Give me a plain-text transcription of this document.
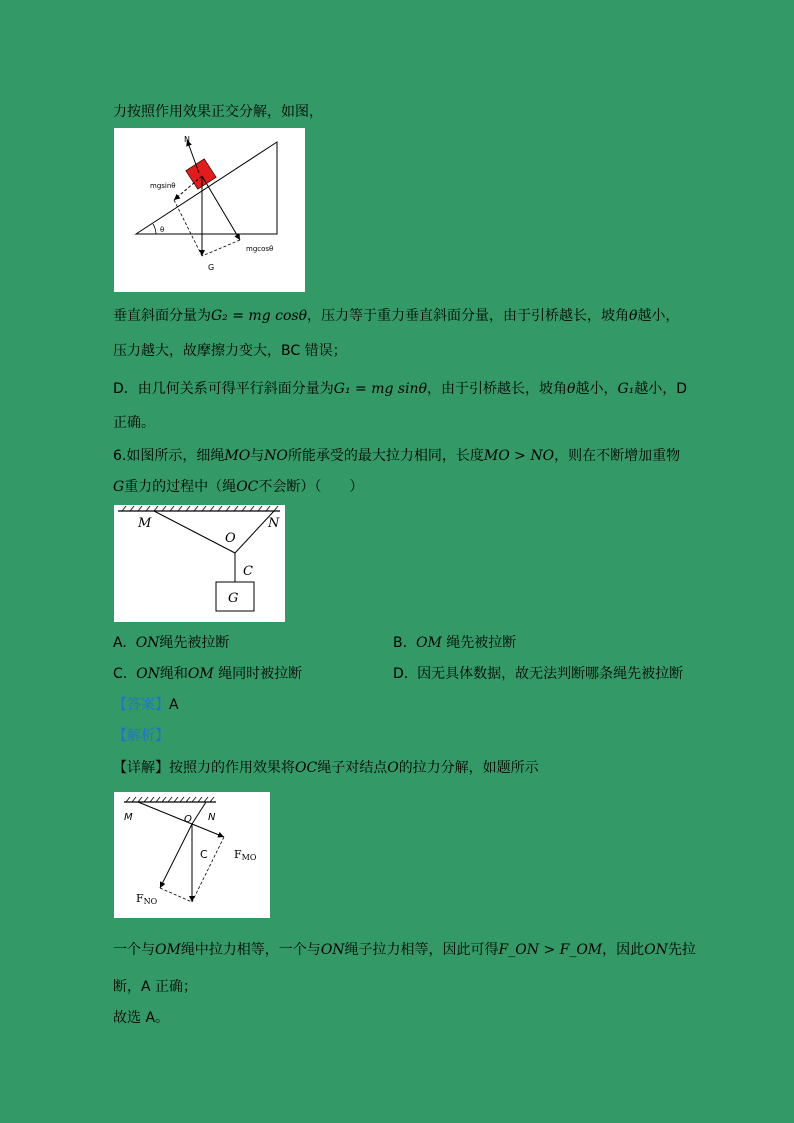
力按照作用效果正交分解，如图，
N
mgsinθ
mgcosθ
θ
G
垂直斜面分量为G₂ = mg cosθ，压力等于重力垂直斜面分量，由于引桥越长，坡角θ越小，
压力越大，故摩擦力变大，BC 错误；
D．由几何关系可得平行斜面分量为G₁ = mg sinθ，由于引桥越长，坡角θ越小，G₁越小，D
正确。
6.如图所示，细绳MO与NO所能承受的最大拉力相同，长度MO > NO，则在不断增加重物
G重力的过程中（绳OC不会断）（　　）
M
O
N
C
G
A. ON绳先被拉断	B. OM 绳先被拉断
C. ON绳和OM 绳同时被拉断	D. 因无具体数据，故无法判断哪条绳先被拉断
【答案】A
【解析】
【详解】按照力的作用效果将OC绳子对结点O的拉力分解，如题所示
M	O N
C FMO
FNO
一个与OM绳中拉力相等，一个与ON绳子拉力相等，因此可得F_ON > F_OM，因此ON先拉
断，A 正确；
故选 A。
